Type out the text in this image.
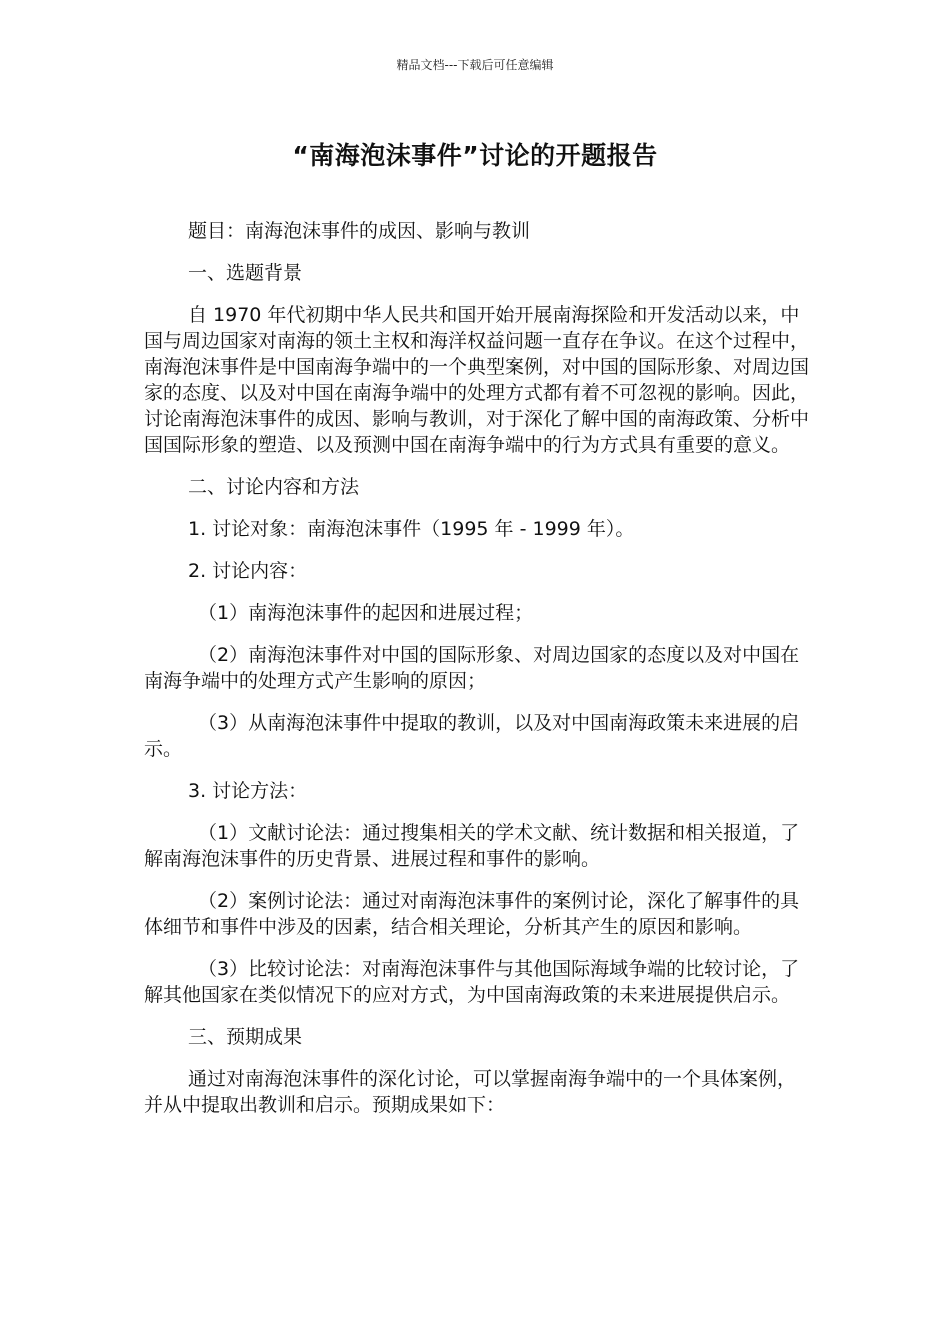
精品文档---下载后可任意编辑
“南海泡沫事件”讨论的开题报告

题目：南海泡沫事件的成因、影响与教训

一、选题背景

自 1970 年代初期中华人民共和国开始开展南海探险和开发活动以来，中国与周边国家对南海的领土主权和海洋权益问题一直存在争议。在这个过程中，南海泡沫事件是中国南海争端中的一个典型案例，对中国的国际形象、对周边国家的态度、以及对中国在南海争端中的处理方式都有着不可忽视的影响。因此，讨论南海泡沫事件的成因、影响与教训，对于深化了解中国的南海政策、分析中国国际形象的塑造、以及预测中国在南海争端中的行为方式具有重要的意义。

二、讨论内容和方法

1. 讨论对象：南海泡沫事件（1995 年 - 1999 年）。

2. 讨论内容：

（1）南海泡沫事件的起因和进展过程；

（2）南海泡沫事件对中国的国际形象、对周边国家的态度以及对中国在南海争端中的处理方式产生影响的原因；

（3）从南海泡沫事件中提取的教训，以及对中国南海政策未来进展的启示。

3. 讨论方法：

（1）文献讨论法：通过搜集相关的学术文献、统计数据和相关报道，了解南海泡沫事件的历史背景、进展过程和事件的影响。

（2）案例讨论法：通过对南海泡沫事件的案例讨论，深化了解事件的具体细节和事件中涉及的因素，结合相关理论，分析其产生的原因和影响。

（3）比较讨论法：对南海泡沫事件与其他国际海域争端的比较讨论，了解其他国家在类似情况下的应对方式，为中国南海政策的未来进展提供启示。

三、预期成果

通过对南海泡沫事件的深化讨论，可以掌握南海争端中的一个具体案例，并从中提取出教训和启示。预期成果如下：
